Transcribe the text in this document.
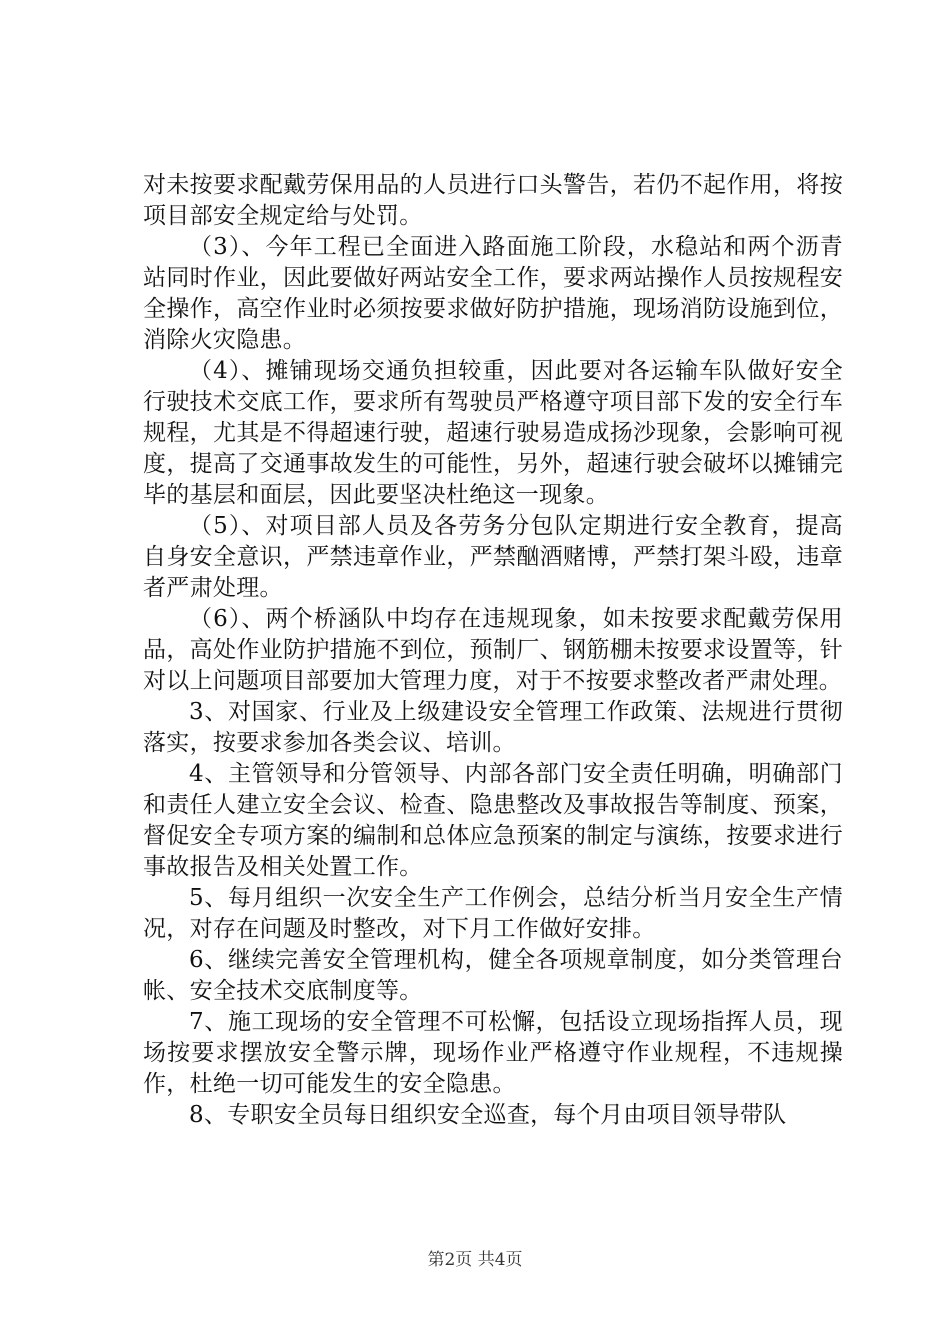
对未按要求配戴劳保用品的人员进行口头警告，若仍不起作用，将按项目部安全规定给与处罚。

（3）、今年工程已全面进入路面施工阶段，水稳站和两个沥青站同时作业，因此要做好两站安全工作，要求两站操作人员按规程安全操作，高空作业时必须按要求做好防护措施，现场消防设施到位，消除火灾隐患。

（4）、摊铺现场交通负担较重，因此要对各运输车队做好安全行驶技术交底工作，要求所有驾驶员严格遵守项目部下发的安全行车规程，尤其是不得超速行驶，超速行驶易造成扬沙现象，会影响可视度，提高了交通事故发生的可能性，另外，超速行驶会破坏以摊铺完毕的基层和面层，因此要坚决杜绝这一现象。

（5）、对项目部人员及各劳务分包队定期进行安全教育，提高自身安全意识，严禁违章作业，严禁酗酒赌博，严禁打架斗殴，违章者严肃处理。

（6）、两个桥涵队中均存在违规现象，如未按要求配戴劳保用品，高处作业防护措施不到位，预制厂、钢筋棚未按要求设置等，针对以上问题项目部要加大管理力度，对于不按要求整改者严肃处理。

3、对国家、行业及上级建设安全管理工作政策、法规进行贯彻落实，按要求参加各类会议、培训。

4、主管领导和分管领导、内部各部门安全责任明确，明确部门和责任人建立安全会议、检查、隐患整改及事故报告等制度、预案，督促安全专项方案的编制和总体应急预案的制定与演练，按要求进行事故报告及相关处置工作。

5、每月组织一次安全生产工作例会，总结分析当月安全生产情况，对存在问题及时整改，对下月工作做好安排。

6、继续完善安全管理机构，健全各项规章制度，如分类管理台帐、安全技术交底制度等。

7、施工现场的安全管理不可松懈，包括设立现场指挥人员，现场按要求摆放安全警示牌，现场作业严格遵守作业规程，不违规操作，杜绝一切可能发生的安全隐患。

8、专职安全员每日组织安全巡查，每个月由项目领导带队

第2页 共4页
